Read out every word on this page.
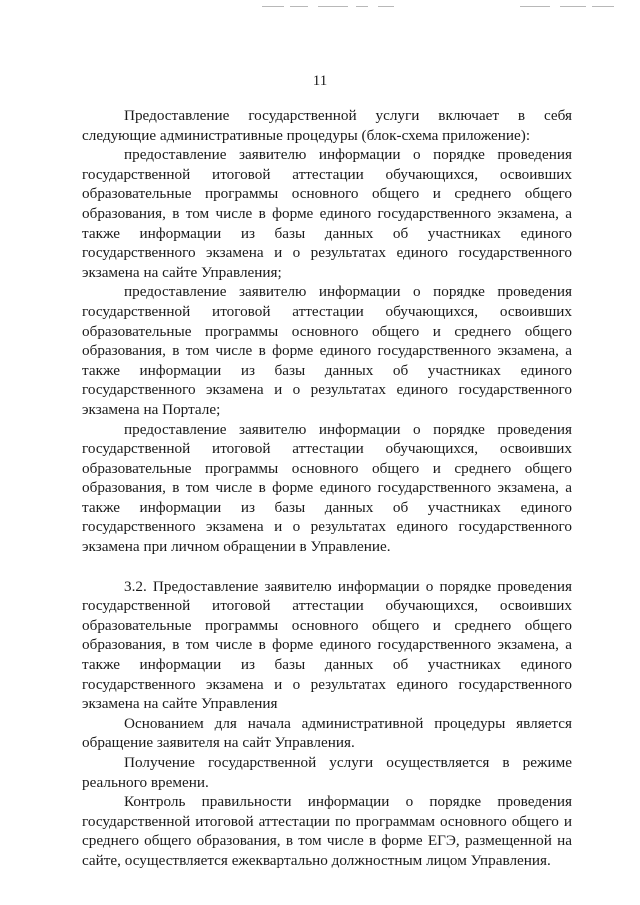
11

Предоставление государственной услуги включает в себя следующие административные процедуры (блок-схема приложение):

предоставление заявителю информации о порядке проведения государственной итоговой аттестации обучающихся, освоивших образовательные программы основного общего и среднего общего образования, в том числе в форме единого государственного экзамена, а также информации из базы данных об участниках единого государственного экзамена и о результатах единого государственного экзамена на сайте Управления;

предоставление заявителю информации о порядке проведения государственной итоговой аттестации обучающихся, освоивших образовательные программы основного общего и среднего общего образования, в том числе в форме единого государственного экзамена, а также информации из базы данных об участниках единого государственного экзамена и о результатах единого государственного экзамена на Портале;

предоставление заявителю информации о порядке проведения государственной итоговой аттестации обучающихся, освоивших образовательные программы основного общего и среднего общего образования, в том числе в форме единого государственного экзамена, а также информации из базы данных об участниках единого государственного экзамена и о результатах единого государственного экзамена при личном обращении в Управление.

3.2. Предоставление заявителю информации о порядке проведения государственной итоговой аттестации обучающихся, освоивших образовательные программы основного общего и среднего общего образования, в том числе в форме единого государственного экзамена, а также информации из базы данных об участниках единого государственного экзамена и о результатах единого государственного экзамена на сайте Управления

Основанием для начала административной процедуры является обращение заявителя на сайт Управления.

Получение государственной услуги осуществляется в режиме реального времени.

Контроль правильности информации о порядке проведения государственной итоговой аттестации по программам основного общего и среднего общего образования, в том числе в форме ЕГЭ, размещенной на сайте, осуществляется ежеквартально должностным лицом Управления.
